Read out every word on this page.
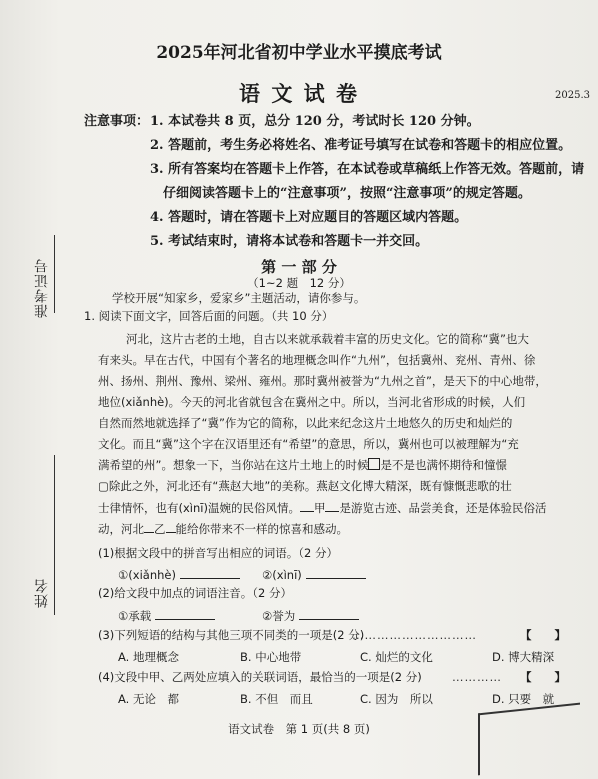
2025年河北省初中学业水平摸底考试
语 文 试 卷	2025.3
注意事项： 1. 本试卷共 8 页，总分 120 分，考试时长 120 分钟。
2. 答题前，考生务必将姓名、准考证号填写在试卷和答题卡的相应位置。
3. 所有答案均在答题卡上作答，在本试卷或草稿纸上作答无效。答题前，请
仔细阅读答题卡上的“注意事项”，按照“注意事项”的规定答题。
4. 答题时，请在答题卡上对应题目的答题区域内答题。
5. 考试结束时，请将本试卷和答题卡一并交回。
准考证号
姓名
第 一 部 分
（1~2 题　12 分）
学校开展“知家乡，爱家乡”主题活动，请你参与。
1. 阅读下面文字，回答后面的问题。（共 10 分）
河北，这片古老的土地，自古以来就承载着丰富的历史文化。它的简称“冀”也大
有来头。早在古代，中国有个著名的地理概念叫作“九州”，包括冀州、兖州、青州、徐
州、扬州、荆州、豫州、梁州、雍州。那时冀州被誉为“九州之首”，是天下的中心地带，
地位(xiǎnhè)。今天的河北省就包含在冀州之中。所以，当河北省形成的时候，人们
自然而然地就选择了“冀”作为它的简称，以此来纪念这片土地悠久的历史和灿烂的
文化。而且“冀”这个字在汉语里还有“希望”的意思，所以，冀州也可以被理解为“充
满希望的州”。想象一下，当你站在这片土地上的时候 是不是也满怀期待和憧憬
▢除此之外，河北还有“燕赵大地”的美称。燕赵文化博大精深，既有慷慨悲歌的壮
士律情怀，也有(xìnī)温婉的民俗风情。 甲 是游览古迹、品尝美食，还是体验民俗活
动，河北 乙 能给你带来不一样的惊喜和感动。
(1)根据文段中的拼音写出相应的词语。（2 分）
①(xiǎnhè)	②(xìnī)
(2)给文段中加点的词语注音。（2 分）
①承载	②誉为
(3)下列短语的结构与其他三项不同类的一项是(2 分)
…………………………	【　　】
A. 地理概念	B. 中心地带	C. 灿烂的文化	D. 博大精深
(4)文段中甲、乙两处应填入的关联词语，最恰当的一项是(2 分)	………… 【　　】
A. 无论　都	B. 不但　而且	C. 因为　所以	D. 只要　就
语文试卷　第 1 页(共 8 页)
